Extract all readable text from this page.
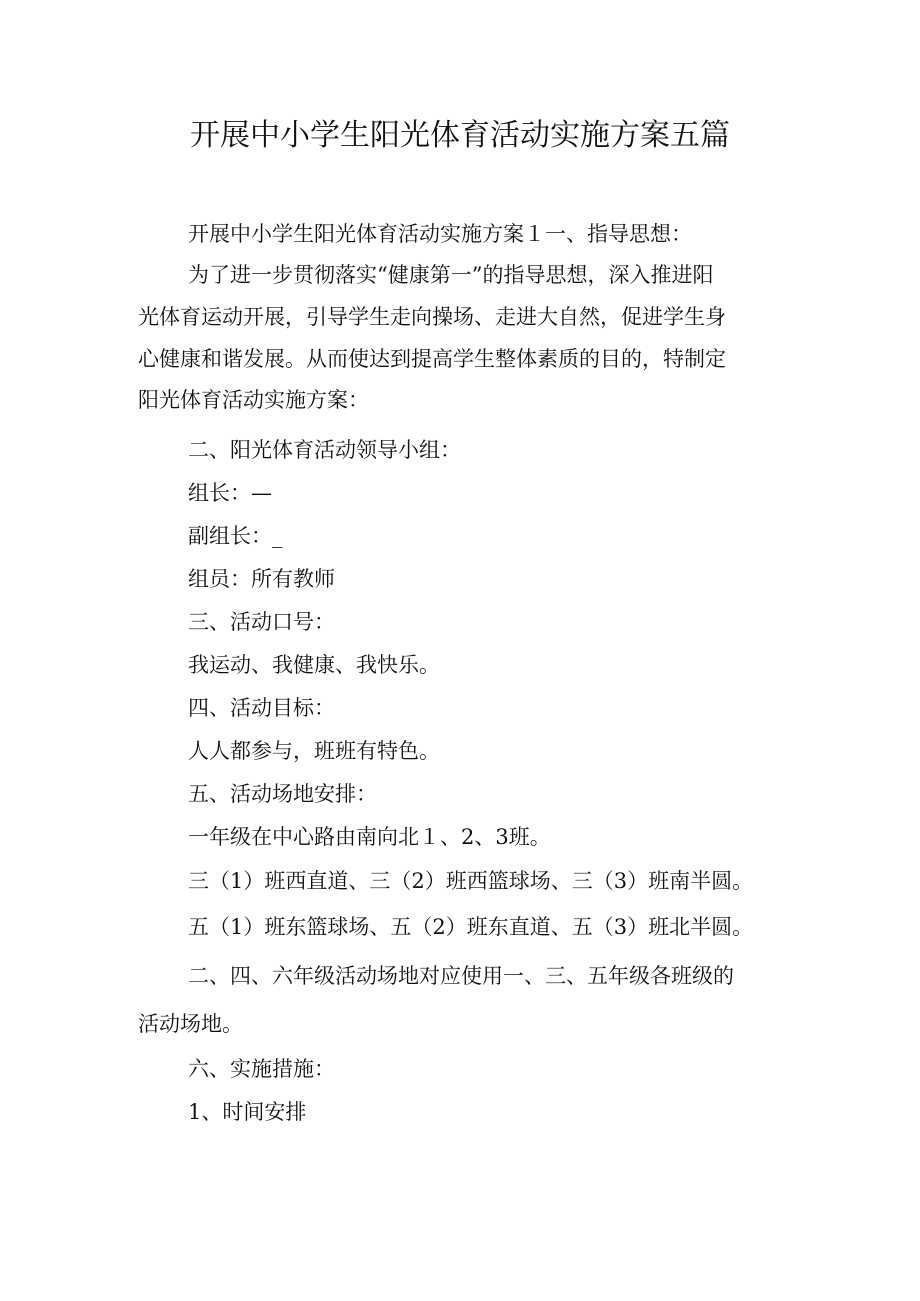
开展中小学生阳光体育活动实施方案五篇
开展中小学生阳光体育活动实施方案１一、指导思想：
为了进一步贯彻落实“健康第一”的指导思想，深入推进阳
光体育运动开展，引导学生走向操场、走进大自然，促进学生身
心健康和谐发展。从而使达到提高学生整体素质的目的，特制定
阳光体育活动实施方案：
二、阳光体育活动领导小组：
组长：—
副组长：_
组员：所有教师
三、活动口号：
我运动、我健康、我快乐。
四、活动目标：
人人都参与，班班有特色。
五、活动场地安排：
一年级在中心路由南向北１、2、3班。
三（1）班西直道、三（2）班西篮球场、三（3）班南半圆。
五（1）班东篮球场、五（2）班东直道、五（3）班北半圆。
二、四、六年级活动场地对应使用一、三、五年级各班级的
活动场地。
六、实施措施：
1、时间安排
